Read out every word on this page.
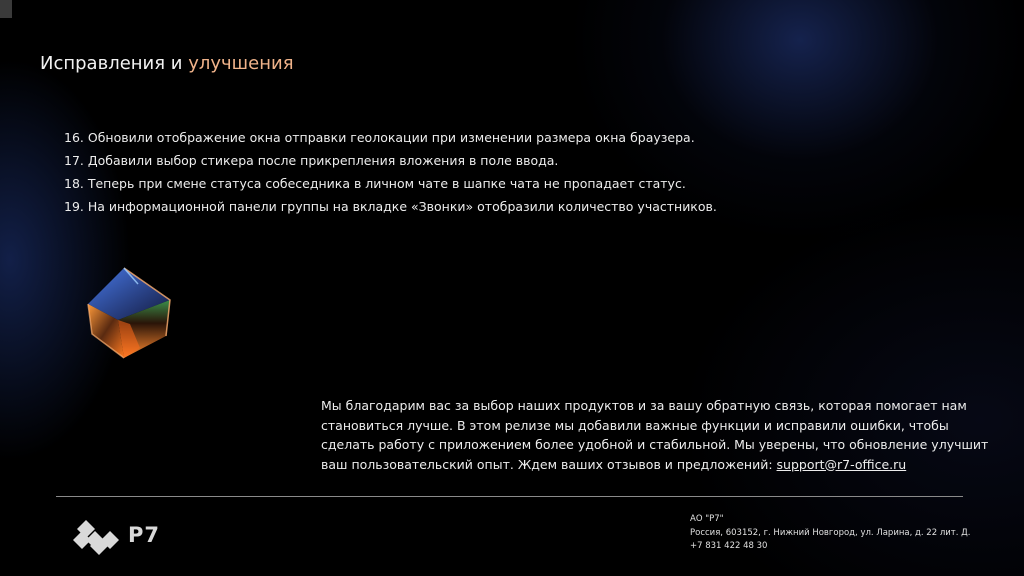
Исправления и улучшения
16. Обновили отображение окна отправки геолокации при изменении размера окна браузера.
17. Добавили выбор стикера после прикрепления вложения в поле ввода.
18. Теперь при смене статуса собеседника в личном чате в шапке чата не пропадает статус.
19. На информационной панели группы на вкладке «Звонки» отобразили количество участников.

Мы благодарим вас за выбор наших продуктов и за вашу обратную связь, которая помогает нам становиться лучше. В этом релизе мы добавили важные функции и исправили ошибки, чтобы сделать работу с приложением более удобной и стабильной. Мы уверены, что обновление улучшит ваш пользовательский опыт. Ждем ваших отзывов и предложений: support@r7-office.ru

Р7
АО "Р7"
Россия, 603152, г. Нижний Новгород, ул. Ларина, д. 22 лит. Д.
+7 831 422 48 30
